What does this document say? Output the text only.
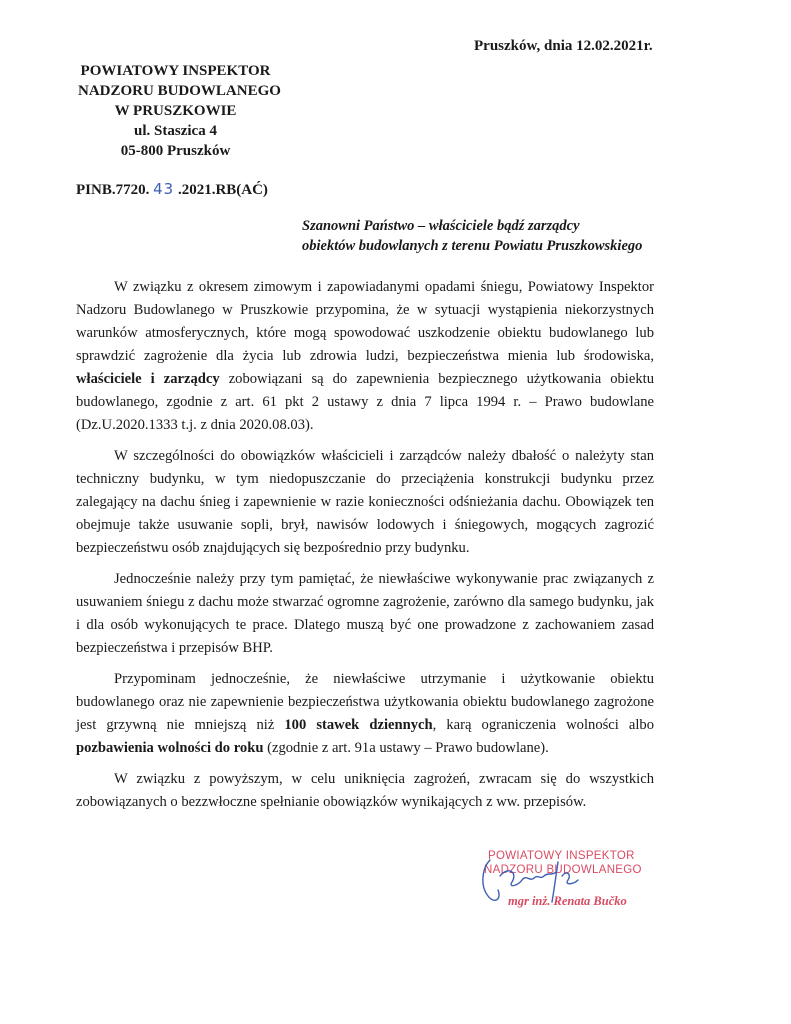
Pruszków, dnia 12.02.2021r.
POWIATOWY INSPEKTOR
NADZORU BUDOWLANEGO
W PRUSZKOWIE
ul. Staszica 4
05-800 Pruszków
PINB.7720. 43 .2021.RB(AĆ)
Szanowni Państwo – właściciele bądź zarządcy
obiektów budowlanych z terenu Powiatu Pruszkowskiego

W związku z okresem zimowym i zapowiadanymi opadami śniegu, Powiatowy Inspektor Nadzoru Budowlanego w Pruszkowie przypomina, że w sytuacji wystąpienia niekorzystnych warunków atmosferycznych, które mogą spowodować uszkodzenie obiektu budowlanego lub sprawdzić zagrożenie dla życia lub zdrowia ludzi, bezpieczeństwa mienia lub środowiska, właściciele i zarządcy zobowiązani są do zapewnienia bezpiecznego użytkowania obiektu budowlanego, zgodnie z art. 61 pkt 2 ustawy z dnia 7 lipca 1994 r. – Prawo budowlane (Dz.U.2020.1333 t.j. z dnia 2020.08.03).

W szczególności do obowiązków właścicieli i zarządców należy dbałość o należyty stan techniczny budynku, w tym niedopuszczanie do przeciążenia konstrukcji budynku przez zalegający na dachu śnieg i zapewnienie w razie konieczności odśnieżania dachu. Obowiązek ten obejmuje także usuwanie sopli, brył, nawisów lodowych i śniegowych, mogących zagrozić bezpieczeństwu osób znajdujących się bezpośrednio przy budynku.

Jednocześnie należy przy tym pamiętać, że niewłaściwe wykonywanie prac związanych z usuwaniem śniegu z dachu może stwarzać ogromne zagrożenie, zarówno dla samego budynku, jak i dla osób wykonujących te prace. Dlatego muszą być one prowadzone z zachowaniem zasad bezpieczeństwa i przepisów BHP.

Przypominam jednocześnie, że niewłaściwe utrzymanie i użytkowanie obiektu budowlanego oraz nie zapewnienie bezpieczeństwa użytkowania obiektu budowlanego zagrożone jest grzywną nie mniejszą niż 100 stawek dziennych, karą ograniczenia wolności albo pozbawienia wolności do roku (zgodnie z art. 91a ustawy – Prawo budowlane).

W związku z powyższym, w celu uniknięcia zagrożeń, zwracam się do wszystkich zobowiązanych o bezzwłoczne spełnianie obowiązków wynikających z ww. przepisów.

POWIATOWY INSPEKTOR
NADZORU BUDOWLANEGO
mgr inż. Renata Bučko
